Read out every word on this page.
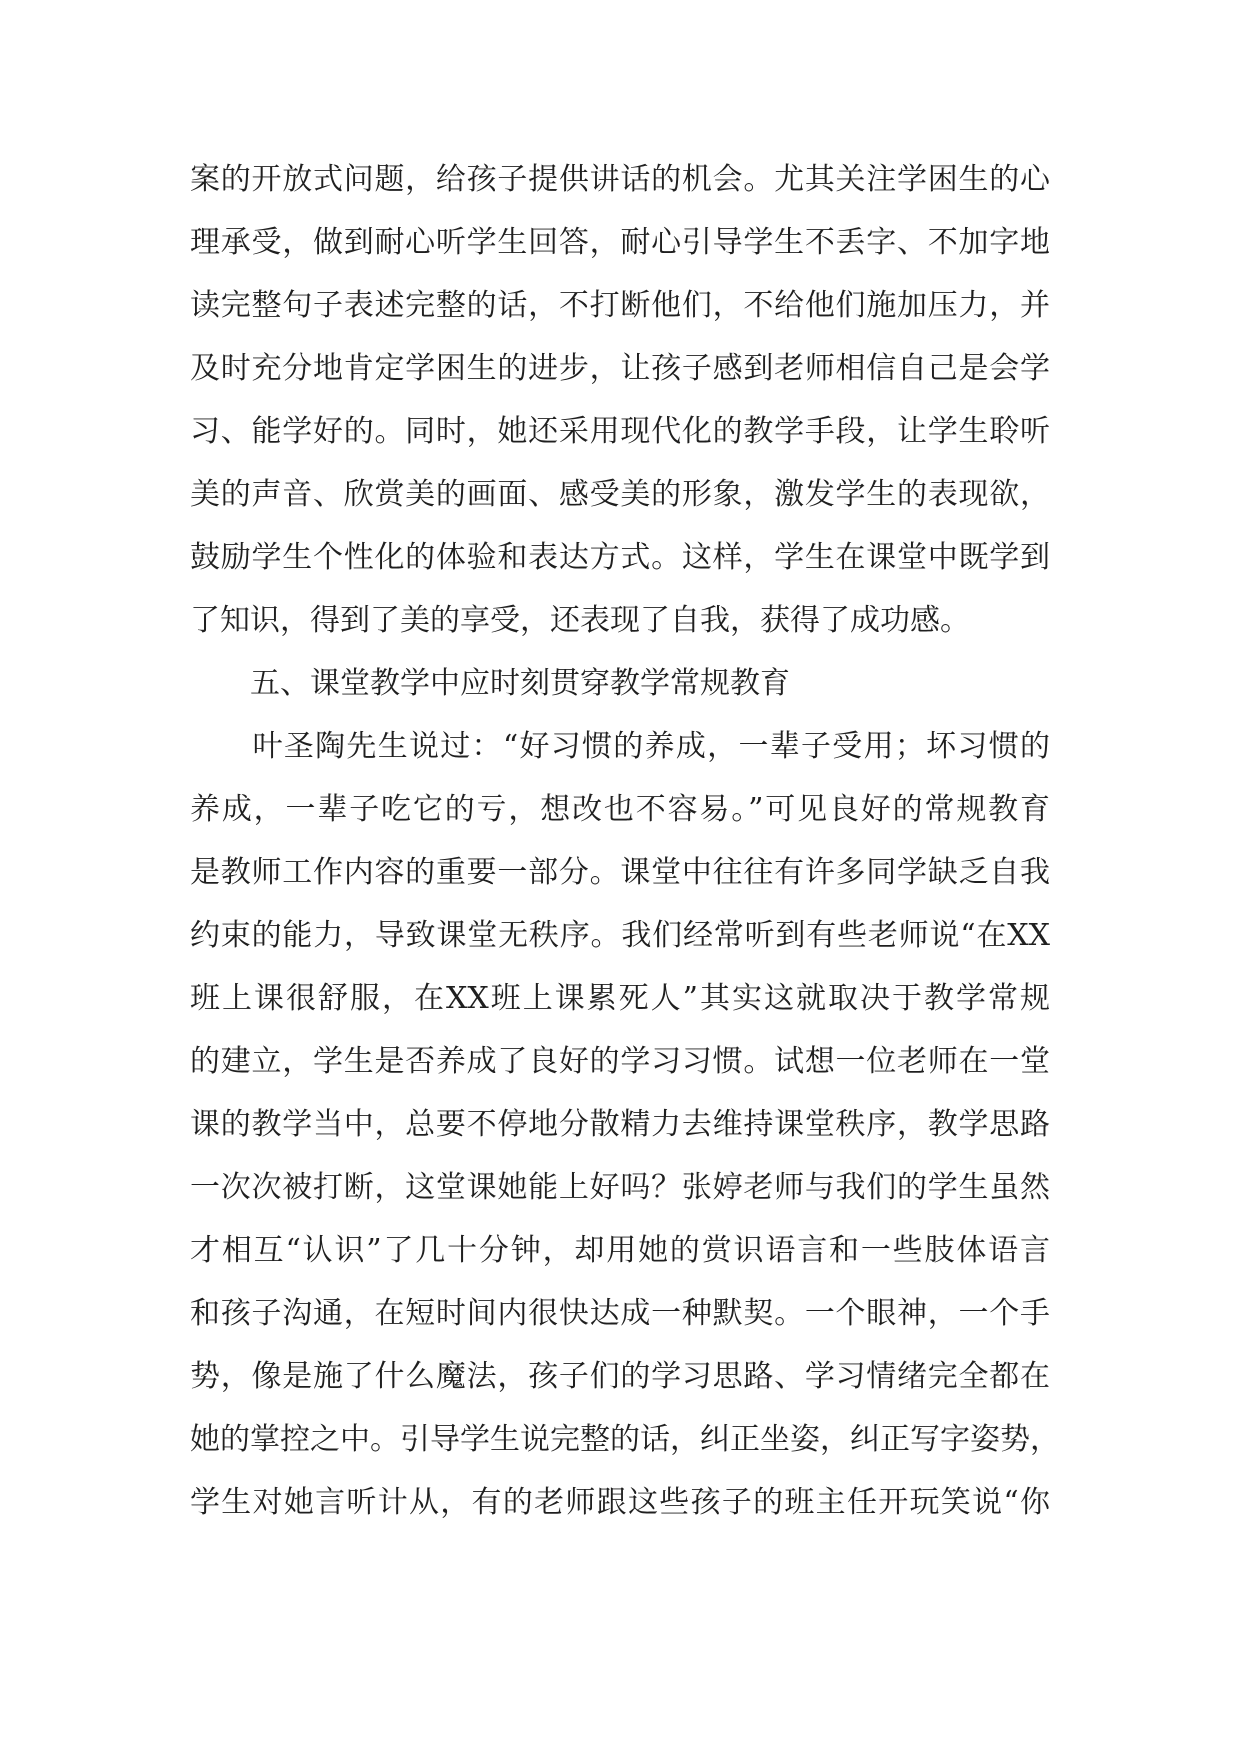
案的开放式问题，给孩子提供讲话的机会。尤其关注学困生的心
理承受，做到耐心听学生回答，耐心引导学生不丢字、不加字地
读完整句子表述完整的话，不打断他们，不给他们施加压力，并
及时充分地肯定学困生的进步，让孩子感到老师相信自己是会学
习、能学好的。同时，她还采用现代化的教学手段，让学生聆听
美的声音、欣赏美的画面、感受美的形象，激发学生的表现欲，
鼓励学生个性化的体验和表达方式。这样，学生在课堂中既学到
了知识，得到了美的享受，还表现了自我，获得了成功感。
　　五、课堂教学中应时刻贯穿教学常规教育
　　叶圣陶先生说过：“好习惯的养成，一辈子受用；坏习惯的
养成，一辈子吃它的亏，想改也不容易。”可见良好的常规教育
是教师工作内容的重要一部分。课堂中往往有许多同学缺乏自我
约束的能力，导致课堂无秩序。我们经常听到有些老师说“在XX
班上课很舒服，在XX班上课累死人”其实这就取决于教学常规
的建立，学生是否养成了良好的学习习惯。试想一位老师在一堂
课的教学当中，总要不停地分散精力去维持课堂秩序，教学思路
一次次被打断，这堂课她能上好吗？张婷老师与我们的学生虽然
才相互“认识”了几十分钟，却用她的赏识语言和一些肢体语言
和孩子沟通，在短时间内很快达成一种默契。一个眼神，一个手
势，像是施了什么魔法，孩子们的学习思路、学习情绪完全都在
她的掌控之中。引导学生说完整的话，纠正坐姿，纠正写字姿势，
学生对她言听计从，有的老师跟这些孩子的班主任开玩笑说“你
